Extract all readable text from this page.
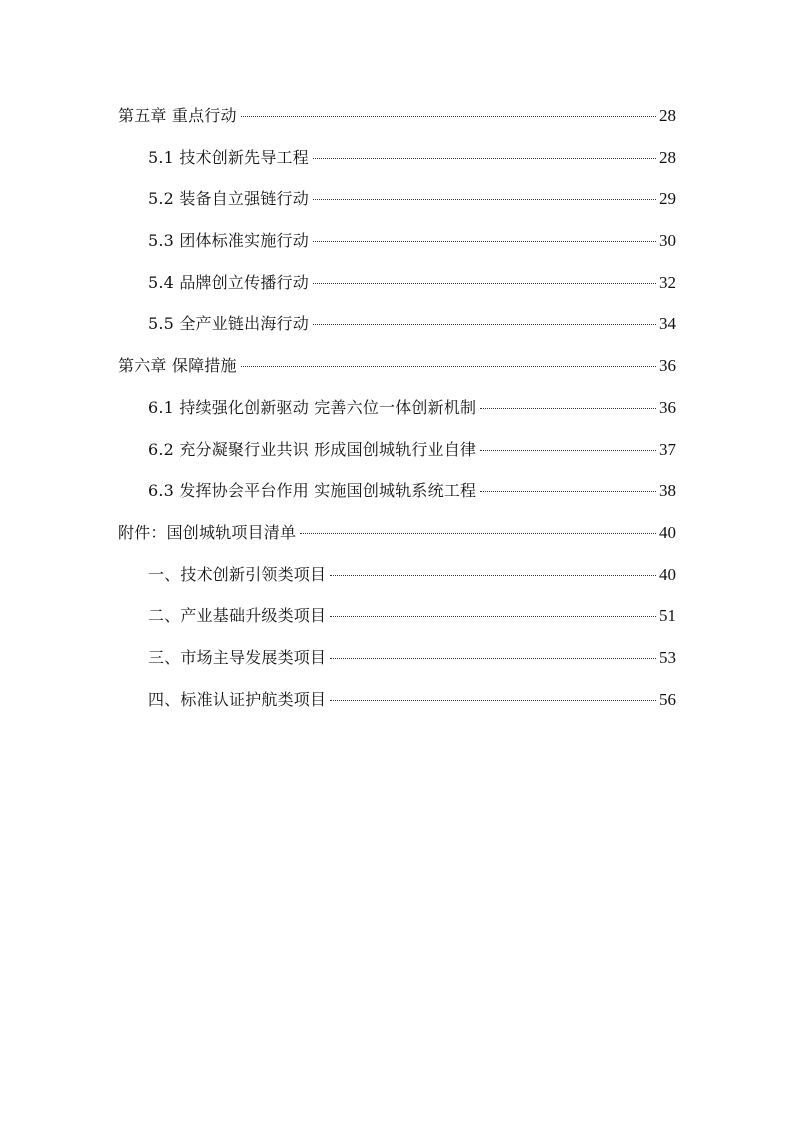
第五章 重点行动	28
5.1 技术创新先导工程	28
5.2 装备自立强链行动	29
5.3 团体标准实施行动	30
5.4 品牌创立传播行动	32
5.5 全产业链出海行动	34
第六章 保障措施	36
6.1 持续强化创新驱动 完善六位一体创新机制	36
6.2 充分凝聚行业共识 形成国创城轨行业自律	37
6.3 发挥协会平台作用 实施国创城轨系统工程	38
附件：国创城轨项目清单	40
一、技术创新引领类项目	40
二、产业基础升级类项目	51
三、市场主导发展类项目	53
四、标准认证护航类项目	56
